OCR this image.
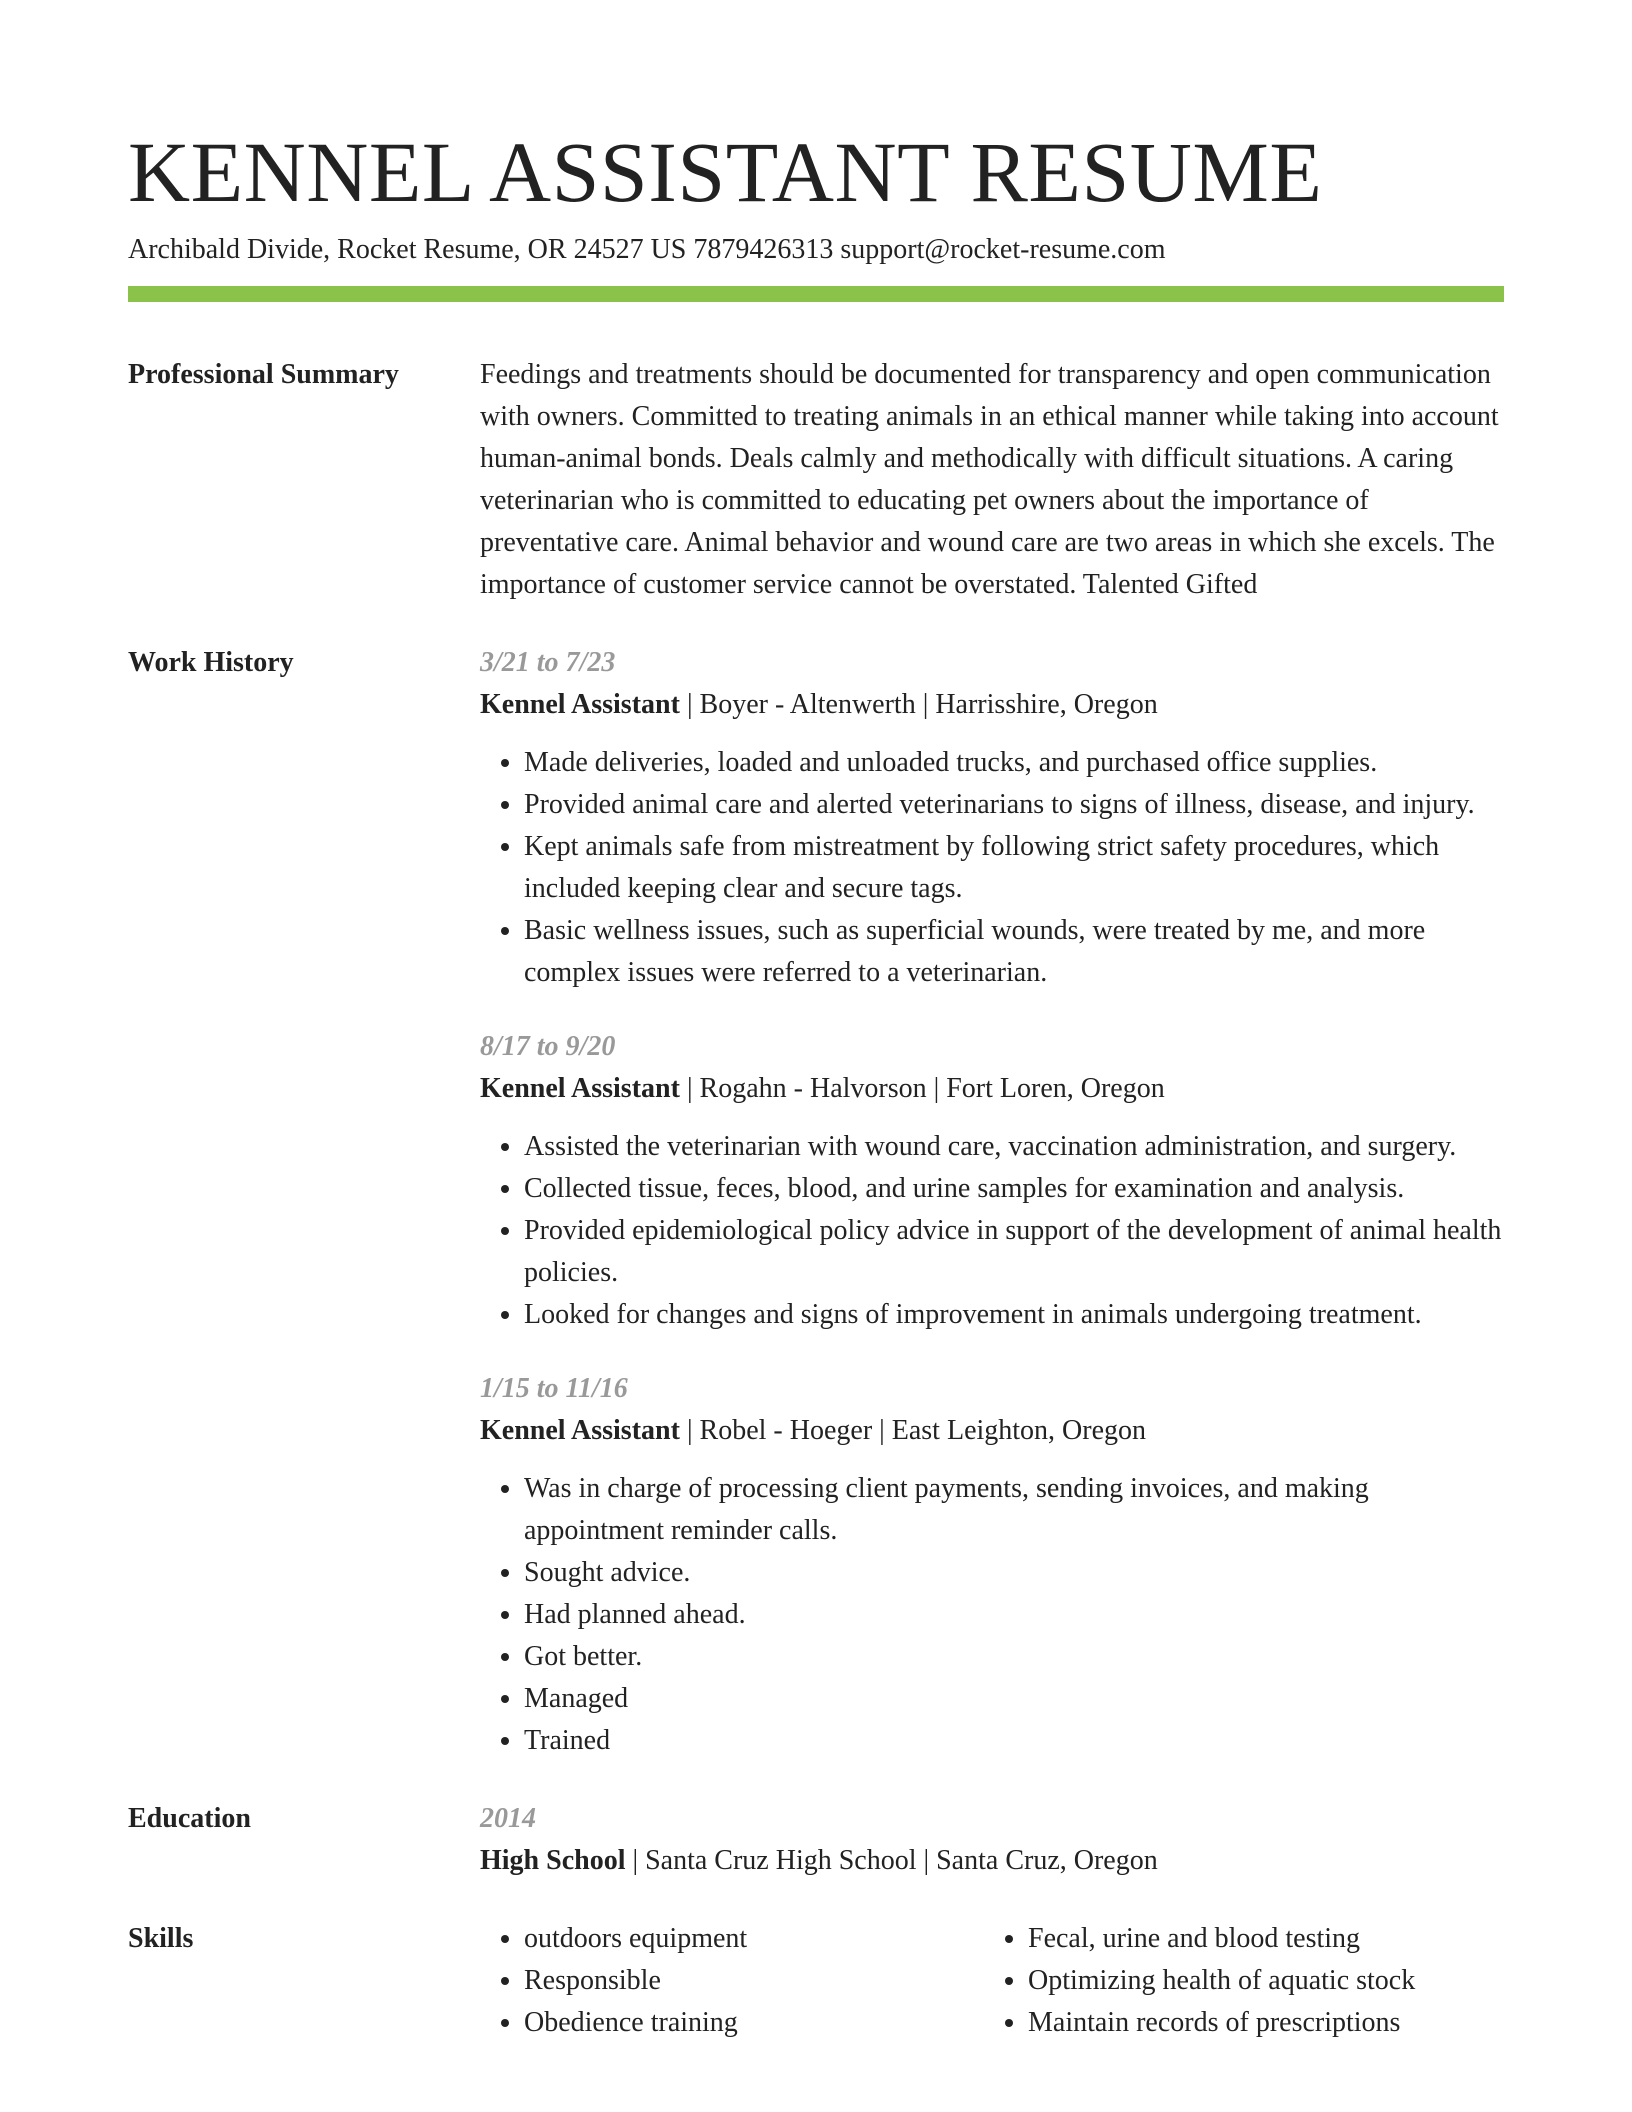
KENNEL ASSISTANT RESUME
Archibald Divide, Rocket Resume, OR 24527 US 7879426313 support@rocket-resume.com
Professional Summary	Feedings and treatments should be documented for transparency and open communication with owners. Committed to treating animals in an ethical manner while taking into account human-animal bonds. Deals calmly and methodically with difficult situations. A caring veterinarian who is committed to educating pet owners about the importance of preventative care. Animal behavior and wound care are two areas in which she excels. The importance of customer service cannot be overstated. Talented Gifted

Work History	3/21 to 7/23
Kennel Assistant | Boyer - Altenwerth | Harrisshire, Oregon
• Made deliveries, loaded and unloaded trucks, and purchased office supplies.
• Provided animal care and alerted veterinarians to signs of illness, disease, and injury.
• Kept animals safe from mistreatment by following strict safety procedures, which included keeping clear and secure tags.
• Basic wellness issues, such as superficial wounds, were treated by me, and more complex issues were referred to a veterinarian.
8/17 to 9/20
Kennel Assistant | Rogahn - Halvorson | Fort Loren, Oregon
• Assisted the veterinarian with wound care, vaccination administration, and surgery.
• Collected tissue, feces, blood, and urine samples for examination and analysis.
• Provided epidemiological policy advice in support of the development of animal health policies.
• Looked for changes and signs of improvement in animals undergoing treatment.
1/15 to 11/16
Kennel Assistant | Robel - Hoeger | East Leighton, Oregon
• Was in charge of processing client payments, sending invoices, and making appointment reminder calls.
• Sought advice.
• Had planned ahead.
• Got better.
• Managed
• Trained
Education	2014
High School | Santa Cruz High School | Santa Cruz, Oregon
Skills
•	outdoors equipment
• Responsible
• Obedience training
• Fecal, urine and blood testing
• Optimizing health of aquatic stock
• Maintain records of prescriptions
